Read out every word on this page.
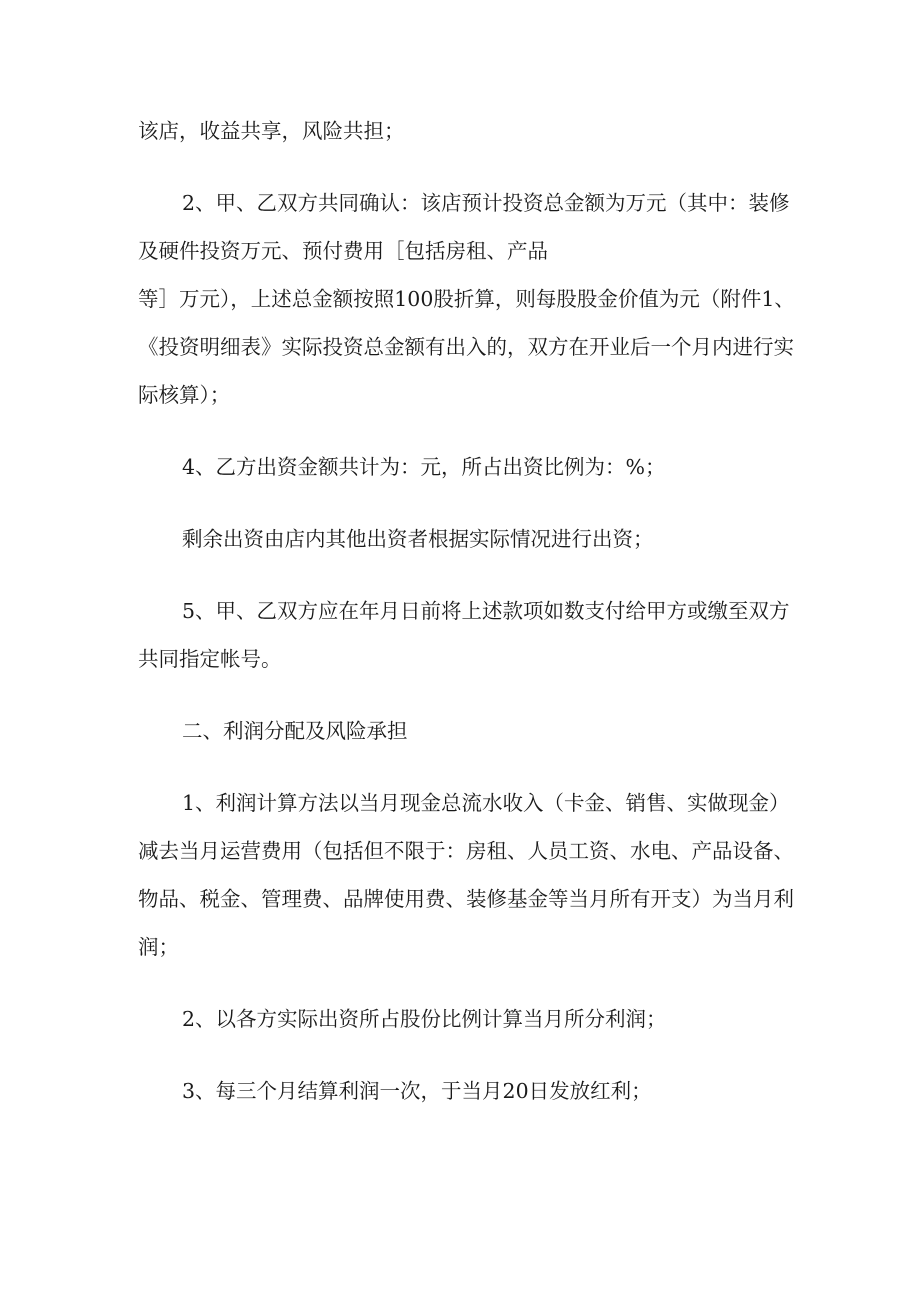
该店，收益共享，风险共担；

2、甲、乙双方共同确认：该店预计投资总金额为万元（其中：装修

及硬件投资万元、预付费用［包括房租、产品

等］万元），上述总金额按照100股折算，则每股股金价值为元（附件1、

《投资明细表》实际投资总金额有出入的，双方在开业后一个月内进行实

际核算）；

4、乙方出资金额共计为：元，所占出资比例为：%；

剩余出资由店内其他出资者根据实际情况进行出资；

5、甲、乙双方应在年月日前将上述款项如数支付给甲方或缴至双方

共同指定帐号。

二、利润分配及风险承担

1、利润计算方法以当月现金总流水收入（卡金、销售、实做现金）

减去当月运营费用（包括但不限于：房租、人员工资、水电、产品设备、

物品、税金、管理费、品牌使用费、装修基金等当月所有开支）为当月利

润；

2、以各方实际出资所占股份比例计算当月所分利润；

3、每三个月结算利润一次，于当月20日发放红利；
